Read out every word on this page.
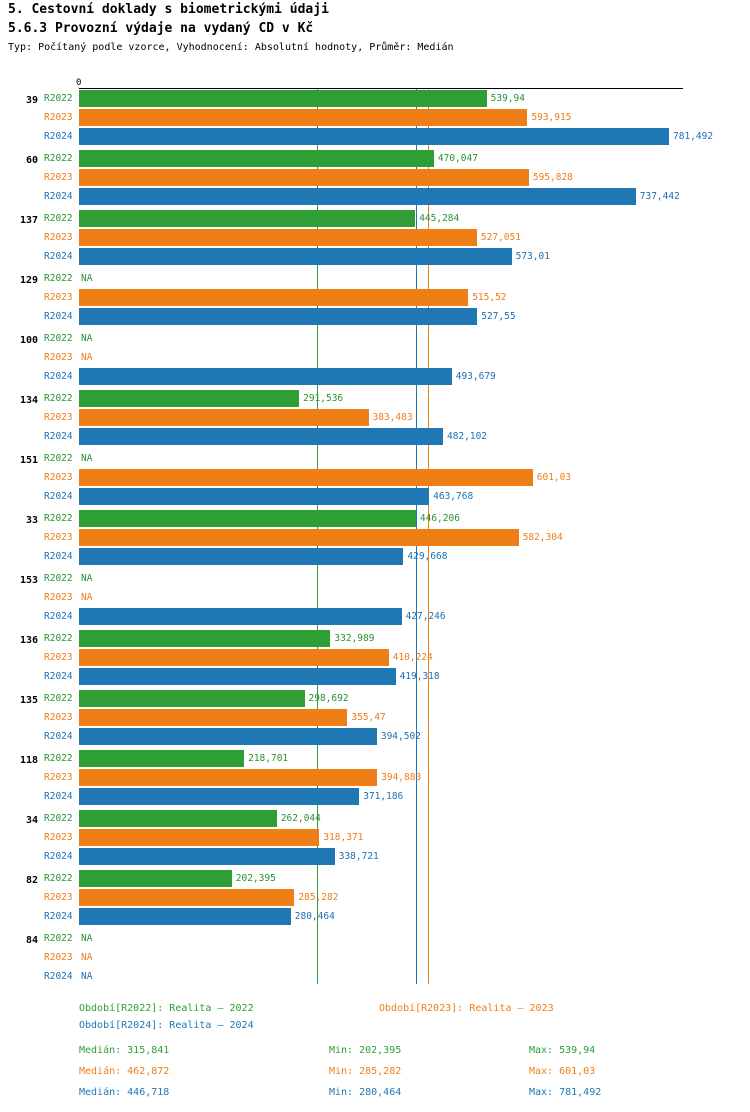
5. Cestovní doklady s biometrickými údaji
5.6.3 Provozní výdaje na vydaný CD v Kč
Typ: Počítaný podle vzorce, Vyhodnocení: Absolutní hodnoty, Průměr: Medián
0
39 R2022	539,94
R2023	593,915
R2024	781,492
60 R2022	470,047
R2023	595,828
R2024	737,442
137 R2022	445,284
R2023	527,051
R2024	573,01
129 R2022 NA
R2023	515,52
R2024	527,55
100 R2022 NA
R2023 NA
R2024	493,679
134 R2022	291,536
R2023	383,483
R2024	482,102
151 R2022 NA
R2023	601,03
R2024	463,768
33 R2022	446,206
R2023	582,304
R2024	429,668
153 R2022 NA
R2023 NA
R2024	427,246
136 R2022	332,989
R2023	410,224
R2024	419,318
135 R2022	298,692
R2023	355,47
R2024	394,502
118 R2022	218,701
R2023	394,883
R2024	371,186
34 R2022	262,044
R2023	318,371
R2024	338,721
82 R2022	202,395
R2023	285,282
R2024	280,464
84 R2022 NA
R2023 NA
R2024 NA
Období[R2022]: Realita – 2022	Období[R2023]: Realita – 2023
Období[R2024]: Realita – 2024
Medián: 315,841	Min: 202,395	Max: 539,94
Medián: 462,872	Min: 285,282	Max: 601,03
Medián: 446,718	Min: 280,464	Max: 781,492
